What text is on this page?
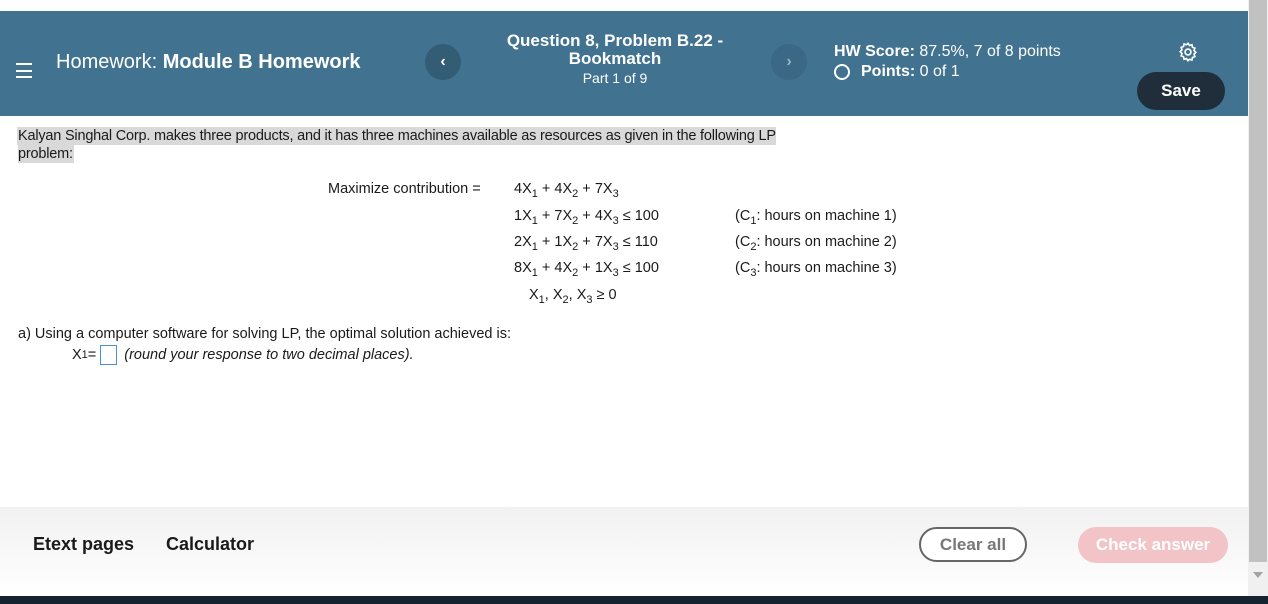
Homework: Module B Homework	‹
Question 8, Problem B.22 - Bookmatch
Part 1 of 9
›
HW Score: 87.5%, 7 of 8 points
Points:
0 of 1
Save
Kalyan Singhal Corp. makes three products, and it has three machines available as resources as given in the following LP problem:
Maximize contribution = $4X_1 + 4X_2 + 7X_3$
$1X_1 + 7X_2 + 4X_3 \le 100$	($C_1$: hours on machine 1)
$2X_1 + 1X_2 + 7X_3 \le 110$	($C_2$: hours on machine 2)
$8X_1 + 4X_2 + 1X_3 \le 100$	($C_3$: hours on machine 3)
$X_1$, $X_2$, $X_3 \ge 0$
a) Using a computer software for solving LP, the optimal solution achieved is:
X 1 = (round your response to two decimal places).
Etext pages Calculator	Clear all	Check answer
